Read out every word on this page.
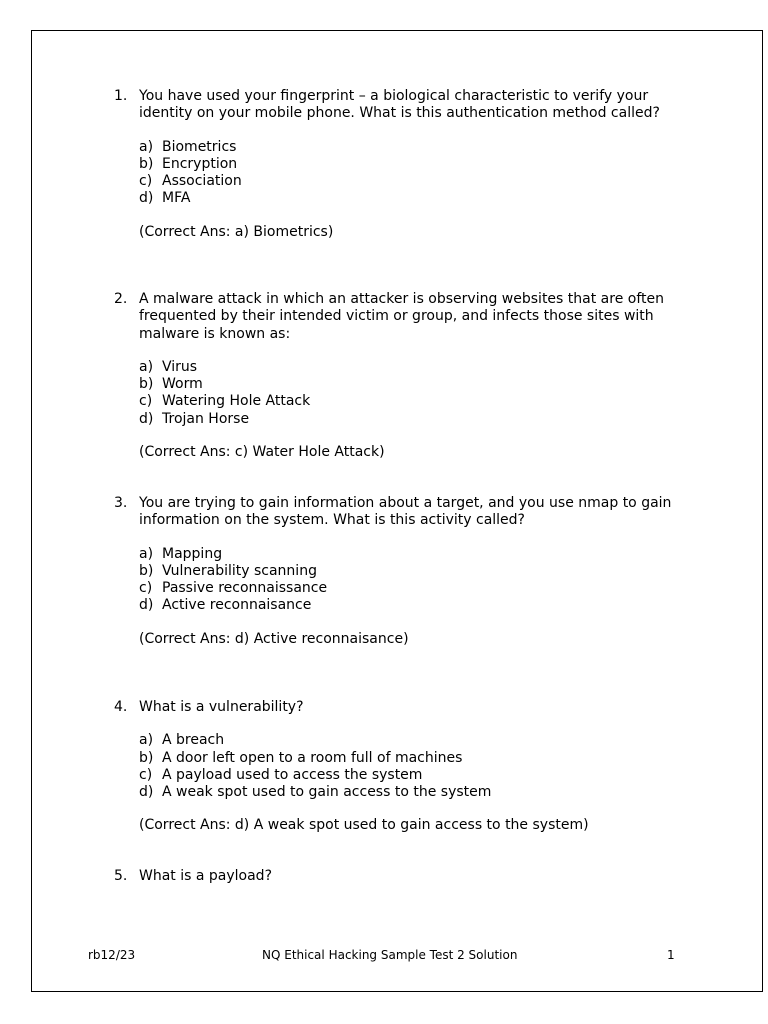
1. You have used your fingerprint – a biological characteristic to verify your identity on your mobile phone. What is this authentication method called?
a) Biometrics
b) Encryption
c) Association
d) MFA
(Correct Ans: a) Biometrics)
2. A malware attack in which an attacker is observing websites that are often frequented by their intended victim or group, and infects those sites with malware is known as:
a) Virus
b) Worm
c) Watering Hole Attack
d) Trojan Horse
(Correct Ans: c) Water Hole Attack)
3. You are trying to gain information about a target, and you use nmap to gain information on the system. What is this activity called?
a) Mapping
b) Vulnerability scanning
c) Passive reconnaissance
d) Active reconnaisance
(Correct Ans: d) Active reconnaisance)
4. What is a vulnerability?
a) A breach
b) A door left open to a room full of machines
c) A payload used to access the system
d) A weak spot used to gain access to the system
(Correct Ans: d) A weak spot used to gain access to the system)
5. What is a payload?
rb12/23	NQ Ethical Hacking Sample Test 2 Solution	1
